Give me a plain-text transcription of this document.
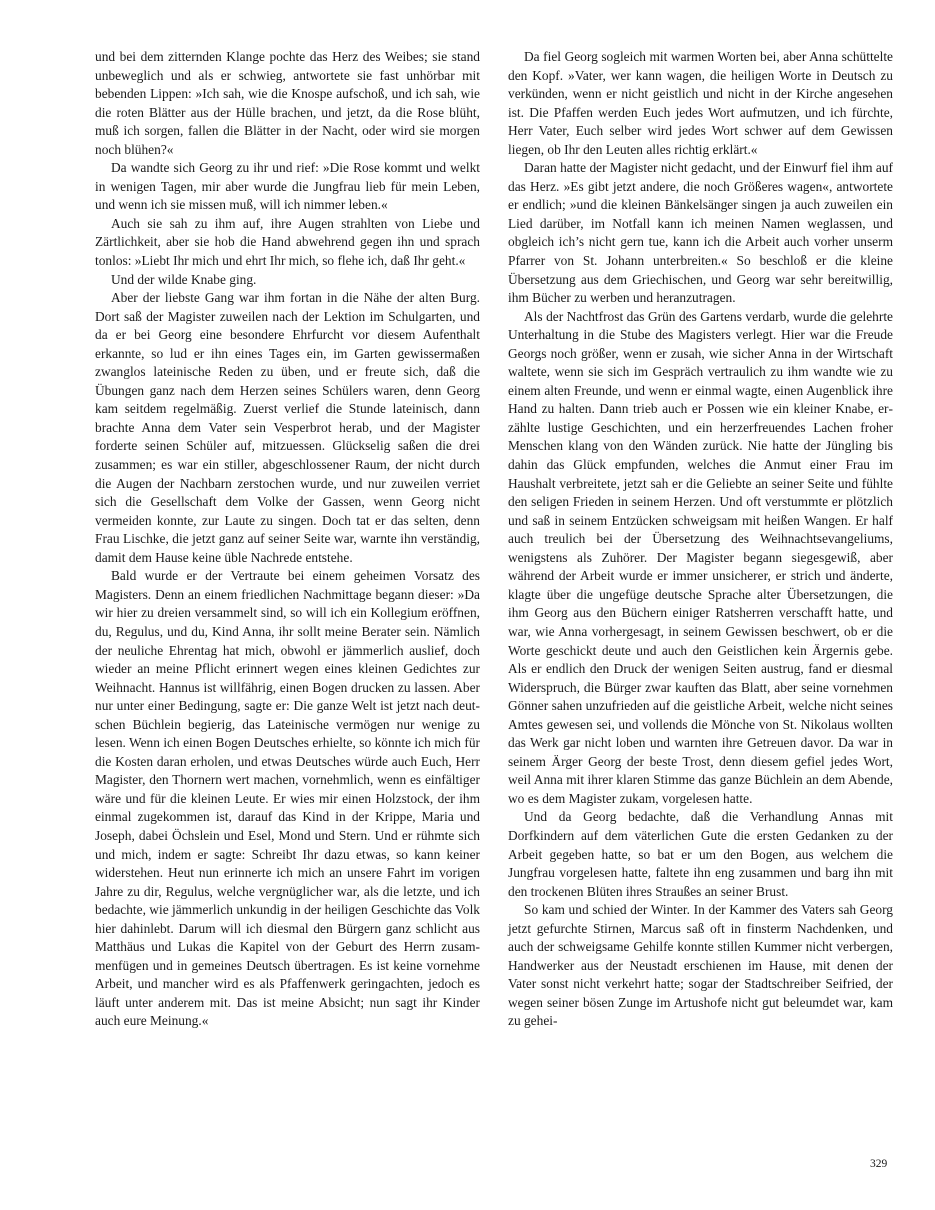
und bei dem zitternden Klange pochte das Herz des Weibes; sie stand unbeweglich und als er schwieg, antwortete sie fast unhörbar mit bebenden Lippen: »Ich sah, wie die Knospe aufschoß, und ich sah, wie die roten Blätter aus der Hülle brachen, und jetzt, da die Rose blüht, muß ich sorgen, fallen die Blätter in der Nacht, oder wird sie morgen noch blühen?«

Da wandte sich Georg zu ihr und rief: »Die Rose kommt und welkt in wenigen Tagen, mir aber wurde die Jungfrau lieb für mein Leben, und wenn ich sie missen muß, will ich nimmer leben.«

Auch sie sah zu ihm auf, ihre Augen strahlten von Liebe und Zärtlichkeit, aber sie hob die Hand abwehrend gegen ihn und sprach tonlos: »Liebt Ihr mich und ehrt Ihr mich, so flehe ich, daß Ihr geht.«

Und der wilde Knabe ging.

Aber der liebste Gang war ihm fortan in die Nähe der alten Burg. Dort saß der Magister zuweilen nach der Lektion im Schulgarten, und da er bei Georg eine besondere Ehrfurcht vor diesem Aufenthalt erkannte, so lud er ihn eines Tages ein, im Garten gewissermaßen zwanglos lateinische Reden zu üben, und er freute sich, daß die Übungen ganz nach dem Herzen seines Schülers waren, denn Georg kam seitdem regelmäßig. Zuerst verlief die Stunde lateinisch, dann brachte Anna dem Vater sein Vesperbrot herab, und der Magister forderte seinen Schüler auf, mitzuessen. Glückselig saßen die drei zusammen; es war ein stiller, abgeschlossener Raum, der nicht durch die Augen der Nachbarn zerstochen wurde, und nur zuweilen verriet sich die Gesellschaft dem Volke der Gassen, wenn Georg nicht vermeiden konnte, zur Laute zu singen. Doch tat er das selten, denn Frau Lischke, die jetzt ganz auf seiner Seite war, warnte ihn verständig, damit dem Hause keine üble Nachrede entstehe.

Bald wurde er der Vertraute bei einem geheimen Vorsatz des Magisters. Denn an einem friedlichen Nachmittage begann dieser: »Da wir hier zu dreien versammelt sind, so will ich ein Kollegium eröffnen, du, Regulus, und du, Kind Anna, ihr sollt meine Berater sein. Nämlich der neuliche Ehrentag hat mich, obwohl er jämmerlich auslief, doch wieder an meine Pflicht erinnert wegen eines kleinen Gedichtes zur Weihnacht. Hannus ist willfährig, einen Bogen drucken zu lassen. Aber nur unter einer Bedingung, sagte er: Die ganze Welt ist jetzt nach deutschen Büchlein begierig, das Lateinische vermögen nur wenige zu lesen. Wenn ich einen Bogen Deutsches erhielte, so könnte ich mich für die Kosten daran erholen, und etwas Deutsches würde auch Euch, Herr Magister, den Thornern wert machen, vornehmlich, wenn es einfältiger wäre und für die kleinen Leute. Er wies mir einen Holzstock, der ihm einmal zugekommen ist, darauf das Kind in der Krippe, Maria und Joseph, dabei Öchslein und Esel, Mond und Stern. Und er rühmte sich und mich, indem er sagte: Schreibt Ihr dazu etwas, so kann keiner widerstehen. Heut nun erinnerte ich mich an unsere Fahrt im vorigen Jahre zu dir, Regulus, welche vergnüglicher war, als die letzte, und ich bedachte, wie jämmerlich unkundig in der heiligen Geschichte das Volk hier dahinlebt. Darum will ich diesmal den Bürgern ganz schlicht aus Matthäus und Lukas die Kapitel von der Geburt des Herrn zusammenfügen und in gemeines Deutsch übertragen. Es ist keine vornehme Arbeit, und mancher wird es als Pfaffenwerk geringachten, jedoch es läuft unter anderem mit. Das ist meine Absicht; nun sagt ihr Kinder auch eure Meinung.«

Da fiel Georg sogleich mit warmen Worten bei, aber Anna schüttelte den Kopf. »Vater, wer kann wagen, die heiligen Worte in Deutsch zu verkünden, wenn er nicht geistlich und nicht in der Kirche angesehen ist. Die Pfaffen werden Euch jedes Wort aufmutzen, und ich fürchte, Herr Vater, Euch selber wird jedes Wort schwer auf dem Gewissen liegen, ob Ihr den Leuten alles richtig erklärt.«

Daran hatte der Magister nicht gedacht, und der Einwurf fiel ihm auf das Herz. »Es gibt jetzt andere, die noch Größeres wagen«, antwortete er endlich; »und die kleinen Bänkelsänger singen ja auch zuweilen ein Lied darüber, im Notfall kann ich meinen Namen weglassen, und obgleich ich’s nicht gern tue, kann ich die Arbeit auch vorher unserm Pfarrer von St. Johann unterbreiten.« So beschloß er die kleine Übersetzung aus dem Griechischen, und Georg war sehr bereitwillig, ihm Bücher zu werben und heranzutragen.

Als der Nachtfrost das Grün des Gartens verdarb, wurde die gelehrte Unterhaltung in die Stube des Magisters verlegt. Hier war die Freude Georgs noch größer, wenn er zusah, wie sicher Anna in der Wirtschaft waltete, wenn sie sich im Gespräch vertraulich zu ihm wandte wie zu einem alten Freunde, und wenn er einmal wagte, einen Augenblick ihre Hand zu halten. Dann trieb auch er Possen wie ein kleiner Knabe, erzählte lustige Geschichten, und ein herzerfreuendes Lachen froher Menschen klang von den Wänden zurück. Nie hatte der Jüngling bis dahin das Glück empfunden, welches die Anmut einer Frau im Haushalt verbreitete, jetzt sah er die Geliebte an seiner Seite und fühlte den seligen Frieden in seinem Herzen. Und oft verstummte er plötzlich und saß in seinem Entzücken schweigsam mit heißen Wangen. Er half auch treulich bei der Übersetzung des Weihnachtsevangeliums, wenigstens als Zuhörer. Der Magister begann siegesgewiß, aber während der Arbeit wurde er immer unsicherer, er strich und änderte, klagte über die ungefüge deutsche Sprache alter Übersetzungen, die ihm Georg aus den Büchern einiger Ratsherren verschafft hatte, und war, wie Anna vorhergesagt, in seinem Gewissen beschwert, ob er die Worte geschickt deute und auch den Geistlichen kein Ärgernis gebe. Als er endlich den Druck der wenigen Seiten austrug, fand er diesmal Widerspruch, die Bürger zwar kauften das Blatt, aber seine vornehmen Gönner sahen unzufrieden auf die geistliche Arbeit, welche nicht seines Amtes gewesen sei, und vollends die Mönche von St. Nikolaus wollten das Werk gar nicht loben und warnten ihre Getreuen davor. Da war in seinem Ärger Georg der beste Trost, denn diesem gefiel jedes Wort, weil Anna mit ihrer klaren Stimme das ganze Büchlein an dem Abende, wo es dem Magister zukam, vorgelesen hatte.

Und da Georg bedachte, daß die Verhandlung Annas mit Dorfkindern auf dem väterlichen Gute die ersten Gedanken zu der Arbeit gegeben hatte, so bat er um den Bogen, aus welchem die Jungfrau vorgelesen hatte, faltete ihn eng zusammen und barg ihn mit den trockenen Blüten ihres Straußes an seiner Brust.

So kam und schied der Winter. In der Kammer des Vaters sah Georg jetzt gefurchte Stirnen, Marcus saß oft in finsterm Nachdenken, und auch der schweigsame Gehilfe konnte stillen Kummer nicht verbergen, Handwerker aus der Neustadt erschienen im Hause, mit denen der Vater sonst nicht verkehrt hatte; sogar der Stadtschreiber Seifried, der wegen seiner bösen Zunge im Artushofe nicht gut beleumdet war, kam zu gehei-

329
